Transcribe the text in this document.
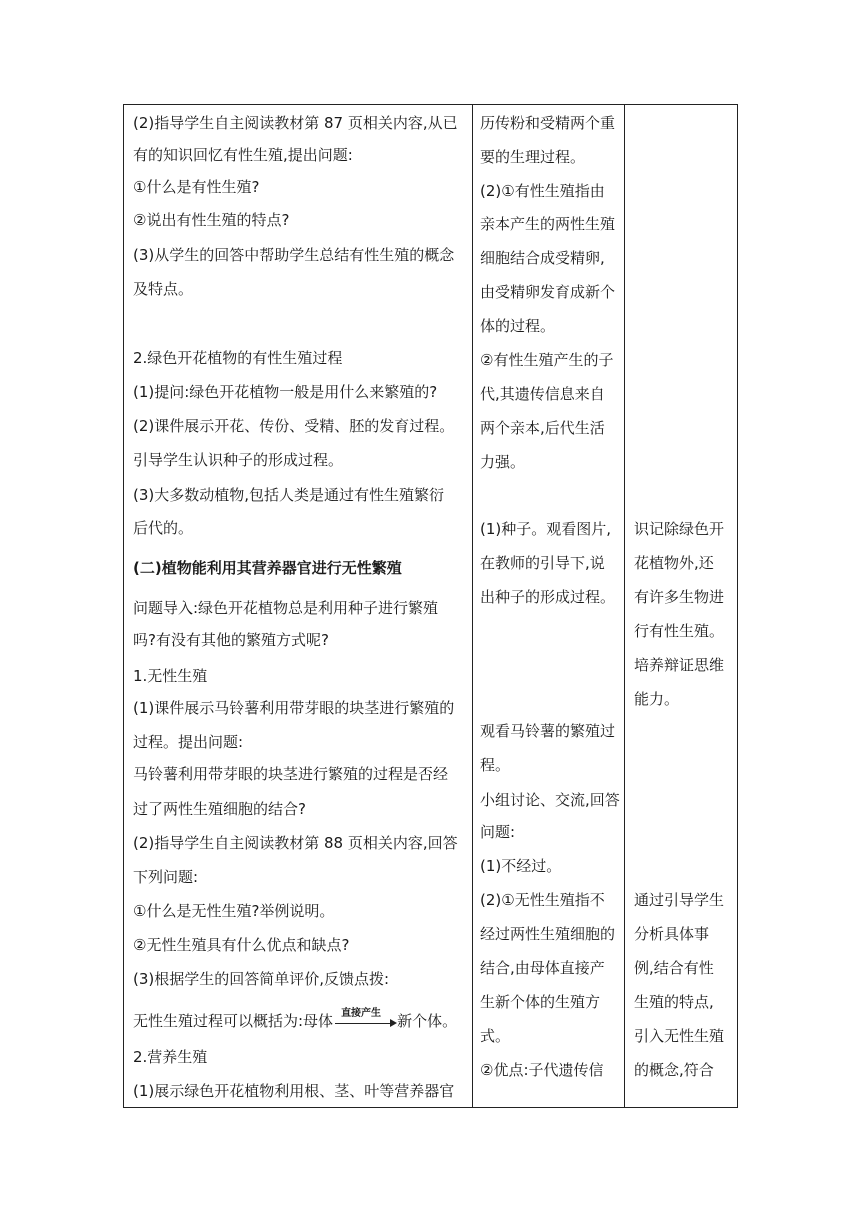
(2)指导学生自主阅读教材第 87 页相关内容,从已
有的知识回忆有性生殖,提出问题:
①什么是有性生殖?
②说出有性生殖的特点?
(3)从学生的回答中帮助学生总结有性生殖的概念
及特点。
2.绿色开花植物的有性生殖过程
(1)提问:绿色开花植物一般是用什么来繁殖的?
(2)课件展示开花、传份、受精、胚的发育过程。
引导学生认识种子的形成过程。
(3)大多数动植物,包括人类是通过有性生殖繁衍
后代的。
(二)植物能利用其营养器官进行无性繁殖
问题导入:绿色开花植物总是利用种子进行繁殖
吗?有没有其他的繁殖方式呢?
1.无性生殖
(1)课件展示马铃薯利用带芽眼的块茎进行繁殖的
过程。提出问题:
马铃薯利用带芽眼的块茎进行繁殖的过程是否经
过了两性生殖细胞的结合?
(2)指导学生自主阅读教材第 88 页相关内容,回答
下列问题:
①什么是无性生殖?举例说明。
②无性生殖具有什么优点和缺点?
(3)根据学生的回答简单评价,反馈点拨:
无性生殖过程可以概括为:母体 直接产生 新个体。
2.营养生殖
(1)展示绿色开花植物利用根、茎、叶等营养器官
历传粉和受精两个重
要的生理过程。
(2)①有性生殖指由
亲本产生的两性生殖
细胞结合成受精卵,
由受精卵发育成新个
体的过程。
②有性生殖产生的子
代,其遗传信息来自
两个亲本,后代生活
力强。
(1)种子。观看图片,
在教师的引导下,说
出种子的形成过程。
观看马铃薯的繁殖过
程。
小组讨论、交流,回答
问题:
(1)不经过。
(2)①无性生殖指不
经过两性生殖细胞的
结合,由母体直接产
生新个体的生殖方
式。
②优点:子代遗传信
识记除绿色开
花植物外,还
有许多生物进
行有性生殖。
培养辩证思维
能力。
通过引导学生
分析具体事
例,结合有性
生殖的特点,
引入无性生殖
的概念,符合
